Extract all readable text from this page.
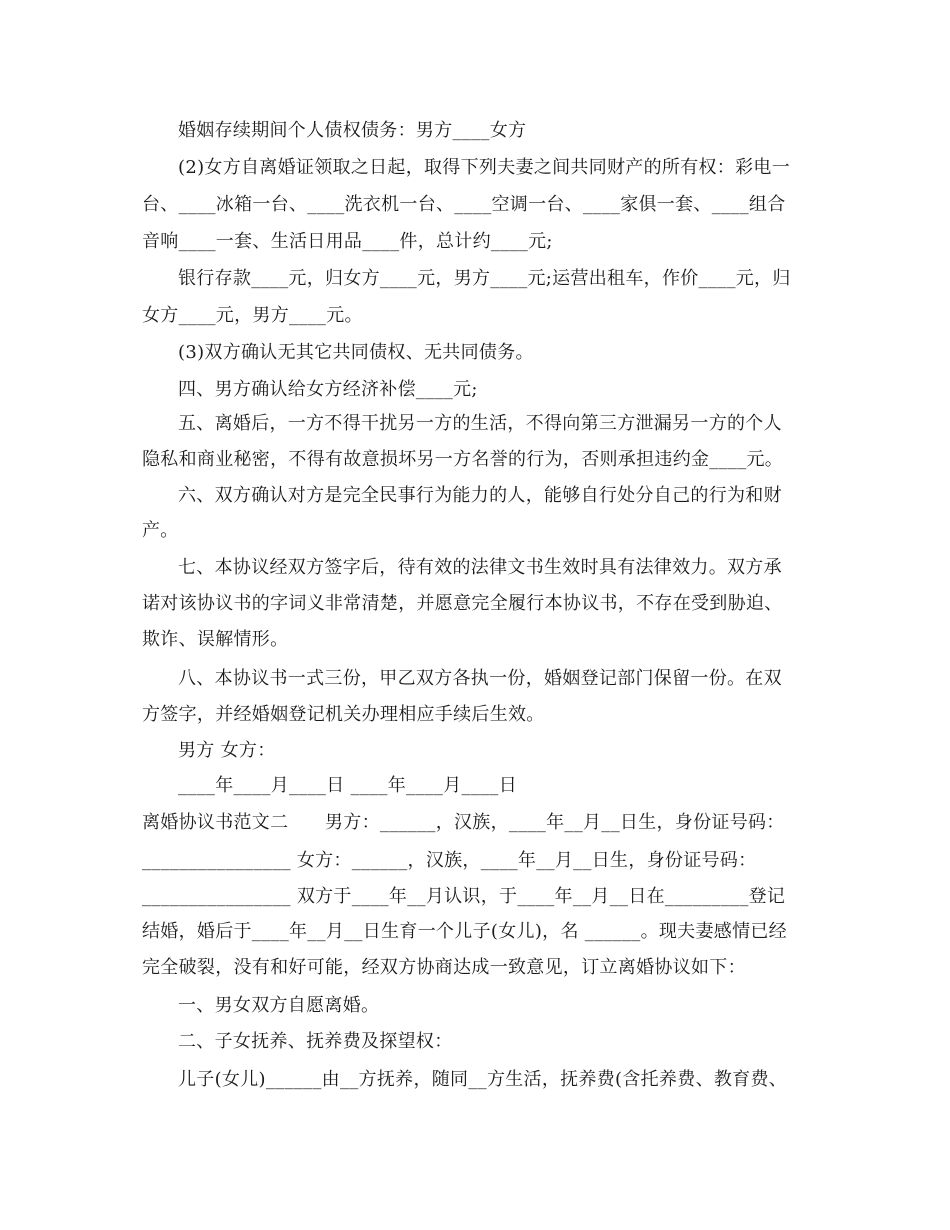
婚姻存续期间个人债权债务：男方____女方
(2)女方自离婚证领取之日起，取得下列夫妻之间共同财产的所有权：彩电一
台、____冰箱一台、____洗衣机一台、____空调一台、____家俱一套、____组合
音响____一套、生活日用品____件，总计约____元;
银行存款____元，归女方____元，男方____元;运营出租车，作价____元，归
女方____元，男方____元。
(3)双方确认无其它共同债权、无共同债务。
四、男方确认给女方经济补偿____元;
五、离婚后，一方不得干扰另一方的生活，不得向第三方泄漏另一方的个人
隐私和商业秘密，不得有故意损坏另一方名誉的行为，否则承担违约金____元。
六、双方确认对方是完全民事行为能力的人，能够自行处分自己的行为和财
产。
七、本协议经双方签字后，待有效的法律文书生效时具有法律效力。双方承
诺对该协议书的字词义非常清楚，并愿意完全履行本协议书，不存在受到胁迫、
欺诈、误解情形。
八、本协议书一式三份，甲乙双方各执一份，婚姻登记部门保留一份。在双
方签字，并经婚姻登记机关办理相应手续后生效。
男方 女方：
____年____月____日 ____年____月____日
离婚协议书范文二　　男方：______，汉族，____年__月__日生，身份证号码：
________________ 女方：______，汉族，____年__月__日生，身份证号码：
________________ 双方于____年__月认识，于____年__月__日在_________登记
结婚，婚后于____年__月__日生育一个儿子(女儿)，名 ______。现夫妻感情已经
完全破裂，没有和好可能，经双方协商达成一致意见，订立离婚协议如下：
一、男女双方自愿离婚。
二、子女抚养、抚养费及探望权：
儿子(女儿)______由__方抚养，随同__方生活，抚养费(含托养费、教育费、
